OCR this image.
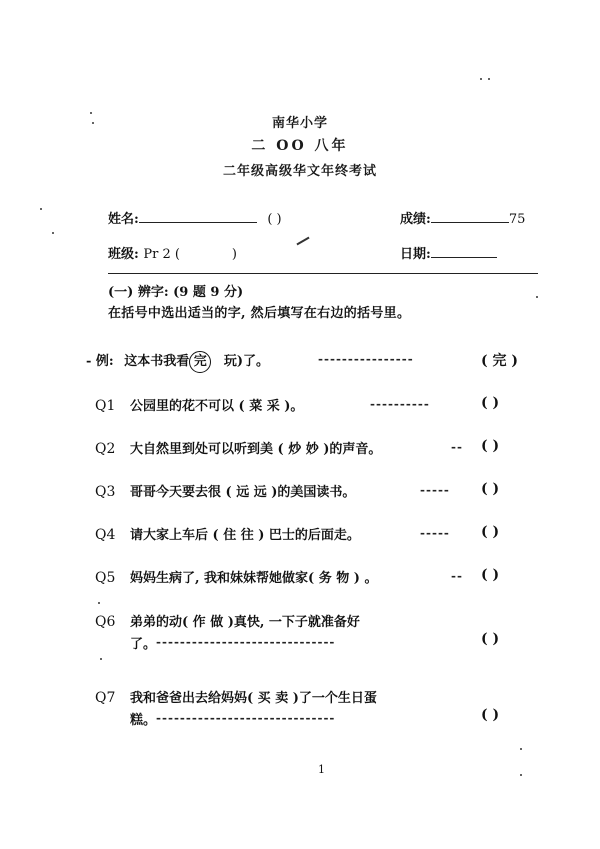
南华小学
二 OO 八年
二年级高级华文年终考试
姓名:	( )	成绩:	75
班级: Pr 2 (	)	日期:
(一) 辨字: (9 题 9 分)
在括号中选出适当的字, 然后填写在右边的括号里。
- 例: 这本书我看 完 玩)了。	----------------	( 完 )
Q1 公园里的花不可以 ( 菜 采 )。	----------	( )
Q2 大自然里到处可以听到美 ( 炒 妙 )的声音。	-- ( )
Q3 哥哥今天要去很 ( 远 远 )的美国读书。	----- ( )
Q4 请大家上车后 ( 住 往 ) 巴士的后面走。	----- ( )
Q5 妈妈生病了, 我和妹妹帮她做家( 务 物 ) 。	-- ( )
Q6 弟弟的动( 作 做 )真快, 一下子就准备好
了。 ------------------------------	( )
Q7 我和爸爸出去给妈妈( 买 卖 )了一个生日蛋
糕。 ------------------------------	( )
1
